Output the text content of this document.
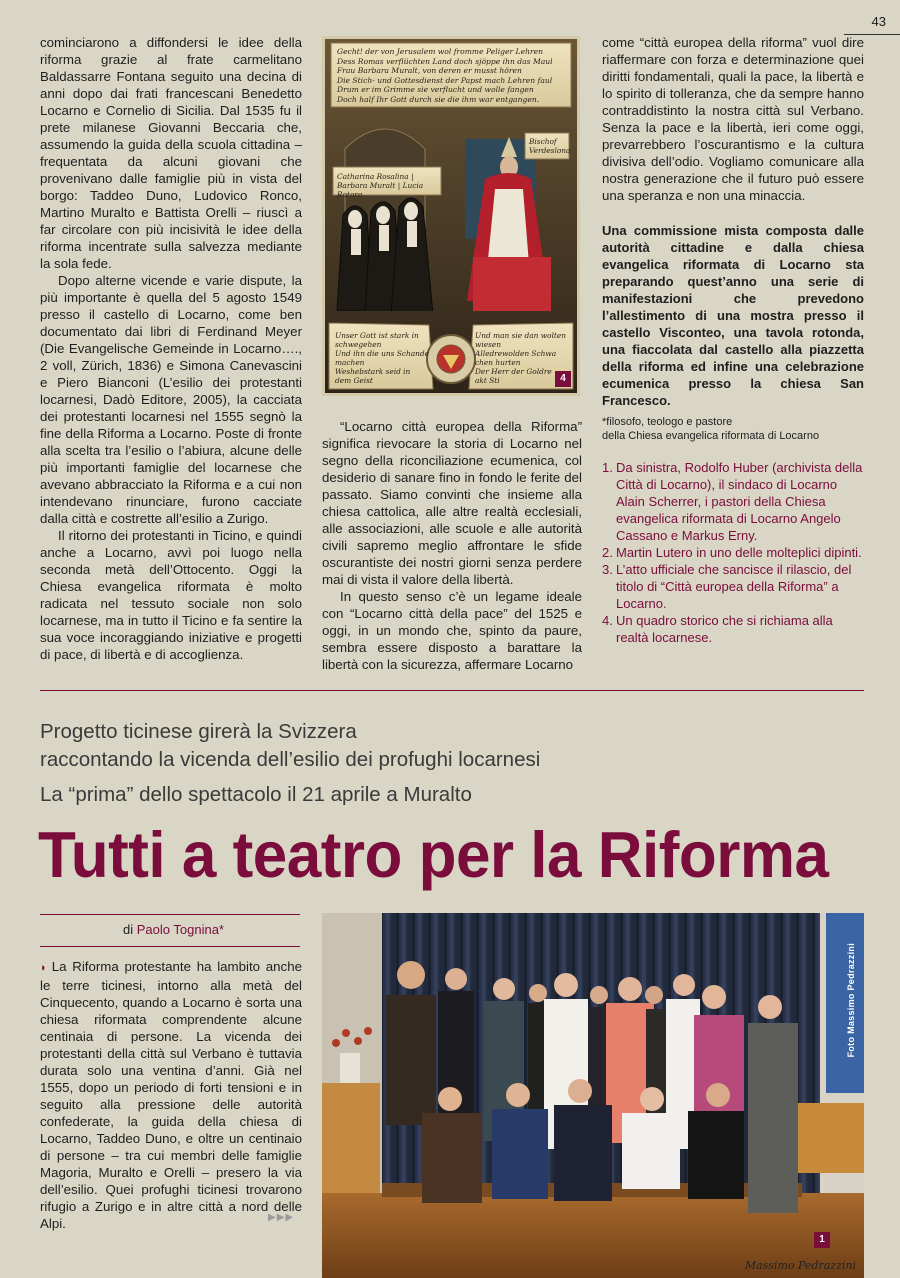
43

cominciarono a diffondersi le idee della riforma grazie al frate carmelitano Baldassarre Fontana seguito una decina di anni dopo dai frati francescani Benedetto Locarno e Cornelio di Sicilia. Dal 1535 fu il prete milanese Giovanni Beccaria che, assumendo la guida della scuola cittadina – frequentata da alcuni giovani che provenivano dalle famiglie più in vista del borgo: Taddeo Duno, Ludovico Ronco, Martino Muralto e Battista Orelli – riuscì a far circolare con più incisività le idee della riforma incentrate sulla salvezza mediante la sola fede.

Dopo alterne vicende e varie dispute, la più importante è quella del 5 agosto 1549 presso il castello di Locarno, come ben documentato dai libri di Ferdinand Meyer (Die Evangelische Gemeinde in Locarno…., 2 voll, Zürich, 1836) e Simona Canevascini e Piero Bianconi (L’esilio dei protestanti locarnesi, Dadò Editore, 2005), la cacciata dei protestanti locarnesi nel 1555 segnò la fine della Riforma a Locarno. Poste di fronte alla scelta tra l’esilio o l’abiura, alcune delle più importanti famiglie del locarnese che avevano abbracciato la Riforma e a cui non intendevano rinunciare, furono cacciate dalla città e costrette all’esilio a Zurigo.

Il ritorno dei protestanti in Ticino, e quindi anche a Locarno, avvì poi luogo nella seconda metà dell’Ottocento. Oggi la Chiesa evangelica riformata è molto radicata nel tessuto sociale non solo locarnese, ma in tutto il Ticino e fa sentire la sua voce incoraggiando iniziative e progetti di pace, di libertà e di accoglienza.

Gecht! der von Jerusalem wol fromme Peliger Lehren
Dess Romas verflüchten Land doch sjöppe ihn das Maul
Frau Barbara Muralt, von deren er musst hören
Die Stich- und Gottesdienst der Papst mach Lehren faul
Drum er im Grimme sie verflucht und wolle fangen
Doch half Ihr Gott durch sie die ihm war entgangen.
Catharina Rosalina | Barbara Muralt | Lucia Rotora
Bischof Verdeslona
Unser Gott ist stark in
schwegehen
Und ihn die uns Schande
machen
Weshebstark seid in
dem Geist
Und man sie dan wolten
wiesen
Alledrewolden Schwa
chen hurten
Der Herr der Goldre
akt Sti	4

“Locarno città europea della Riforma” significa rievocare la storia di Locarno nel segno della riconciliazione ecumenica, col desiderio di sanare fino in fondo le ferite del passato. Siamo convinti che insieme alla chiesa cattolica, alle altre realtà ecclesiali, alle associazioni, alle scuole e alle autorità civili sapremo meglio affrontare le sfide oscurantiste dei nostri giorni senza perdere mai di vista il valore della libertà.

In questo senso c’è un legame ideale con “Locarno città della pace” del 1525 e oggi, in un mondo che, spinto da paure, sembra essere disposto a barattare la libertà con la sicurezza, affermare Locarno

come “città europea della riforma” vuol dire riaffermare con forza e determinazione quei diritti fondamentali, quali la pace, la libertà e lo spirito di tolleranza, che da sempre hanno contraddistinto la nostra città sul Verbano. Senza la pace e la libertà, ieri come oggi, prevarrebbero l’oscurantismo e la cultura divisiva dell’odio. Vogliamo comunicare alla nostra generazione che il futuro può essere una speranza e non una minaccia.

Una commissione mista composta dalle autorità cittadine e dalla chiesa evangelica riformata di Locarno sta preparando quest’anno una serie di manifestazioni che prevedono l’allestimento di una mostra presso il castello Visconteo, una tavola rotonda, una fiaccolata dal castello alla piazzetta della riforma ed infine una celebrazione ecumenica presso la chiesa San Francesco.

*filosofo, teologo e pastore
della Chiesa evangelica riformata di Locarno

1. Da sinistra, Rodolfo Huber (archivista della Città di Locarno), il sindaco di Locarno Alain Scherrer, i pastori della Chiesa evangelica riformata di Locarno Angelo Cassano e Markus Erny.
2. Martin Lutero in uno delle molteplici dipinti.
3. L’atto ufficiale che sancisce il rilascio, del titolo di “Città europea della Riforma” a Locarno.
4. Un quadro storico che si richiama alla realtà locarnese.
Progetto ticinese girerà la Svizzera
raccontando la vicenda dell’esilio dei profughi locarnesi
La “prima” dello spettacolo il 21 aprile a Muralto
Tutti a teatro per la Riforma
di Paolo Tognina*

◗ La Riforma protestante ha lambito anche le terre ticinesi, intorno alla metà del Cinquecento, quando a Locarno è sorta una chiesa riformata comprendente alcune centinaia di persone. La vicenda dei protestanti della città sul Verbano è tuttavia durata solo una ventina d’anni. Già nel 1555, dopo un periodo di forti tensioni e in seguito alla pressione delle autorità confederate, la guida della chiesa di Locarno, Taddeo Duno, e oltre un centinaio di persone – tra cui membri delle famiglie Magoria, Muralto e Orelli – presero la via dell’esilio. Quei profughi ticinesi trovarono rifugio a Zurigo e in altre città a nord delle Alpi.	▶▶▶
Foto Massimo Pedrazzini
Massimo Pedrazzini
1
